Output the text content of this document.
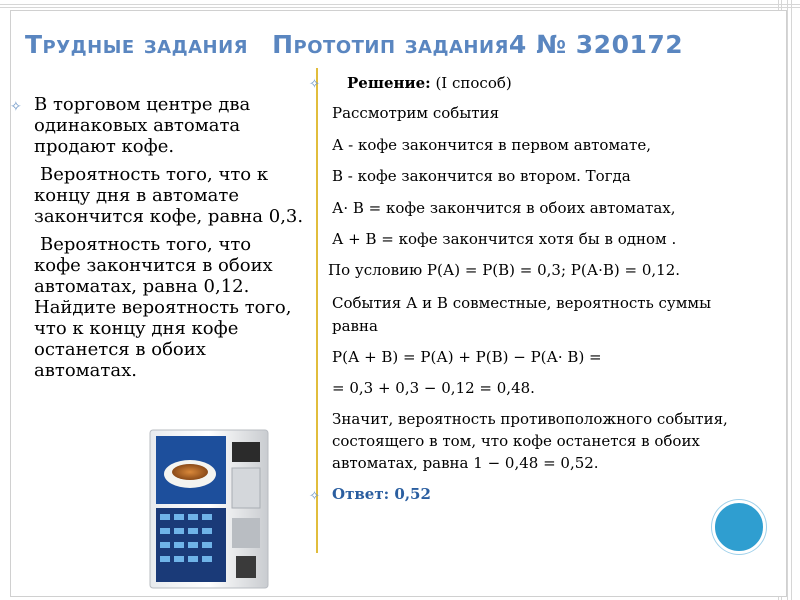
Трудные задания Прототип задания4 № 320172
✧ В торговом центре два
одинаковых автомата
продают кофе.
Вероятность того, что к
концу дня в автомате
закончится кофе, равна 0,3.
Вероятность того, что
кофе закончится в обоих
автоматах, равна 0,12.
Найдите вероятность того,
что к концу дня кофе
останется в обоих
автоматах.
✧ Решение: (I способ)
Рассмотрим события
А - кофе закончится в первом автомате,
В - кофе закончится во втором. Тогда
А· В = кофе закончится в обоих автоматах,
А + В = кофе закончится хотя бы в одном .
По условию Р(А) = Р(В) = 0,3; Р(А·В) = 0,12.
События А и В совместные, вероятность суммы
равна
Р(А + В) = Р(А) + Р(В) − Р(А· В) =
= 0,3 + 0,3 − 0,12 = 0,48.
Значит, вероятность противоположного события,
состоящего в том, что кофе останется в обоих
автоматах, равна 1 − 0,48 = 0,52.
✧ Ответ: 0,52
